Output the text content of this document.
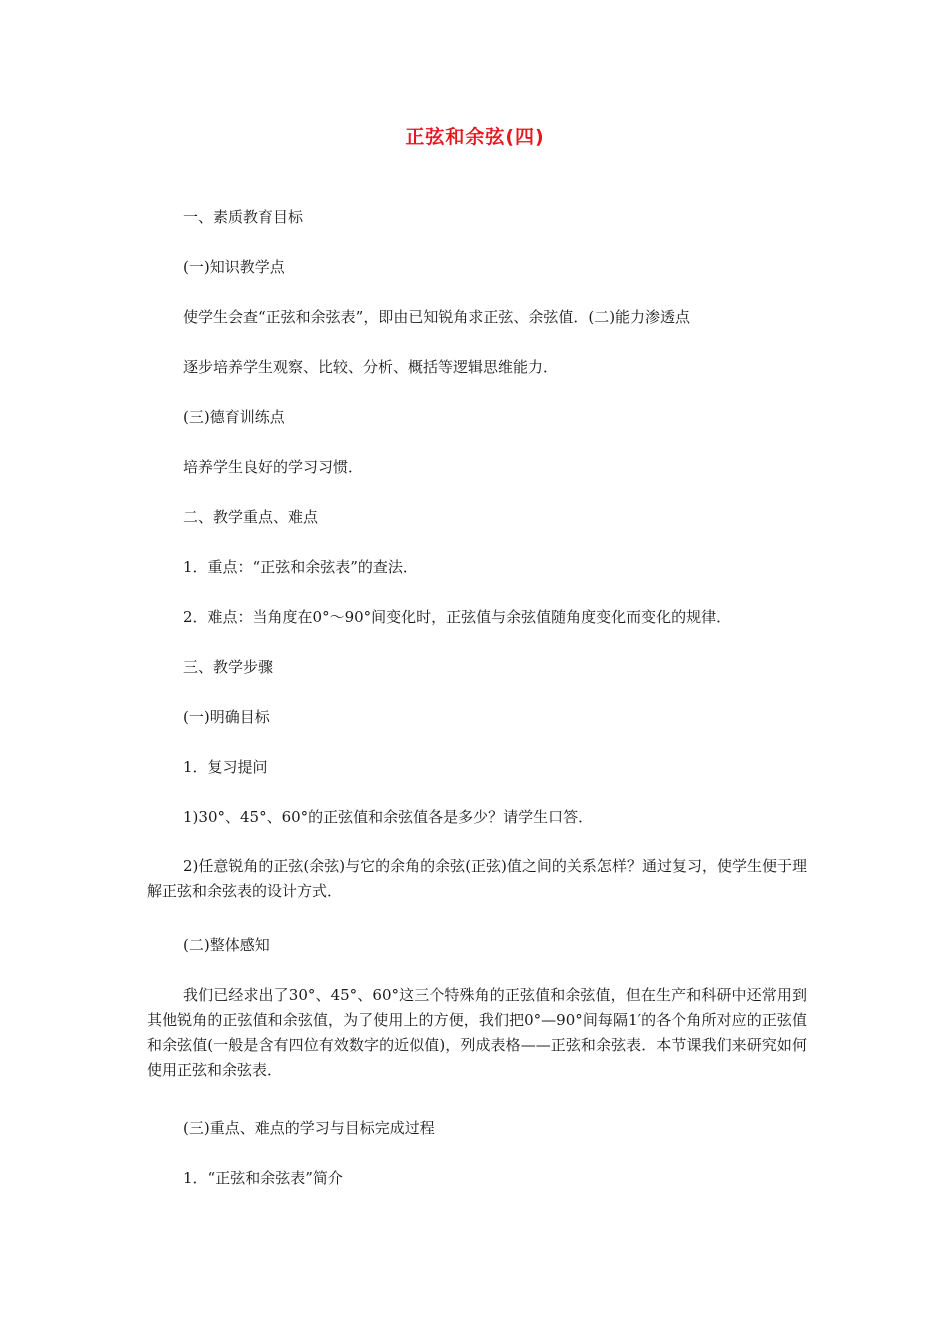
正弦和余弦(四)
一、素质教育目标
(一)知识教学点
使学生会查“正弦和余弦表”，即由已知锐角求正弦、余弦值．(二)能力渗透点
逐步培养学生观察、比较、分析、概括等逻辑思维能力．
(三)德育训练点
培养学生良好的学习习惯．
二、教学重点、难点
1．重点：“正弦和余弦表”的查法．
2．难点：当角度在0°～90°间变化时，正弦值与余弦值随角度变化而变化的规律．
三、教学步骤
(一)明确目标
1．复习提问
1)30°、45°、60°的正弦值和余弦值各是多少？请学生口答．
2)任意锐角的正弦(余弦)与它的余角的余弦(正弦)值之间的关系怎样？通过复习，使学生便于理解正弦和余弦表的设计方式．
(二)整体感知
我们已经求出了30°、45°、60°这三个特殊角的正弦值和余弦值，但在生产和科研中还常用到其他锐角的正弦值和余弦值，为了使用上的方便，我们把0°—90°间每隔1′的各个角所对应的正弦值和余弦值(一般是含有四位有效数字的近似值)，列成表格——正弦和余弦表．本节课我们来研究如何使用正弦和余弦表．
(三)重点、难点的学习与目标完成过程
1．“正弦和余弦表”简介
